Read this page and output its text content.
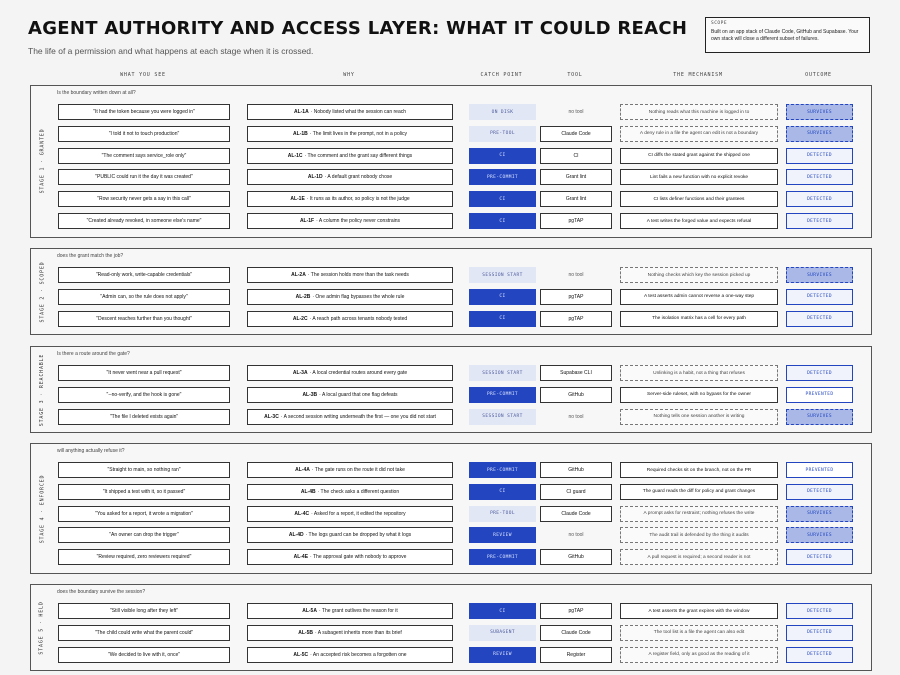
AGENT AUTHORITY AND ACCESS LAYER: WHAT IT COULD REACH
The life of a permission and what happens at each stage when it is crossed.
SCOPE
Built on an app stack of Claude Code, GitHub and Supabase. Your own stack will close a different subset of failures.
WHAT YOU SEE	WHY	CATCH POINT	TOOL	THE MECHANISM	OUTCOME
STAGE 1 · GRANTED
Is the boundary written down at all?
"It had the token because you were logged in"	AL-1A · Nobody listed what the session can reach	ON DISK	no tool	Nothing reads what this machine is logged in to	SURVIVES
"I told it not to touch production"	AL-1B · The limit lives in the prompt, not in a policy	PRE-TOOL	Claude Code	A deny rule in a file the agent can edit is not a boundary	SURVIVES
"The comment says service_role only"	AL-1C · The comment and the grant say different things	CI	CI	CI diffs the stated grant against the shipped one	DETECTED
"PUBLIC could run it the day it was created"	AL-1D · A default grant nobody chose	PRE-COMMIT	Grant lint	Lint fails a new function with no explicit revoke	DETECTED
"Row security never gets a say in this call"	AL-1E · It runs as its author, so policy is not the judge	CI	Grant lint	CI lists definer functions and their grantees	DETECTED
"Created already revoked, in someone else's name"	AL-1F · A column the policy never constrains	CI	pgTAP	A test writes the forged value and expects refusal	DETECTED
STAGE 2 · SCOPED
does the grant match the job?
"Read-only work, write-capable credentials"	AL-2A · The session holds more than the task needs	SESSION START	no tool	Nothing checks which key the session picked up	SURVIVES
"Admin can, so the rule does not apply"	AL-2B · One admin flag bypasses the whole rule	CI	pgTAP	A test asserts admin cannot reverse a one-way step	DETECTED
"Descent reaches further than you thought"	AL-2C · A reach path across tenants nobody tested	CI	pgTAP	The isolation matrix has a cell for every path	DETECTED
STAGE 3 · REACHABLE Is there a route around the gate?
"It never went near a pull request"	AL-3A · A local credential routes around every gate	SESSION START	Supabase CLI	Unlinking is a habit, not a thing that refuses	DETECTED
"--no-verify, and the hook is gone"	AL-3B · A local guard that one flag defeats	PRE-COMMIT	GitHub	Server-side ruleset, with no bypass for the owner	PREVENTED
"The file I deleted exists again"	AL-3C · A second session writing underneath the first — one you did not start	SESSION START	no tool	Nothing tells one session another is writing	SURVIVES
STAGE 4 · ENFORCED
will anything actually refuse it?
"Straight to main, so nothing ran"	AL-4A · The gate runs on the route it did not take	PRE-COMMIT	GitHub	Required checks sit on the branch, not on the PR	PREVENTED
"It shipped a test with it, so it passed"	AL-4B · The check asks a different question	CI	CI guard	The guard reads the diff for policy and grant changes	DETECTED
"You asked for a report, it wrote a migration"	AL-4C · Asked for a report, it edited the repository	PRE-TOOL	Claude Code	A prompt asks for restraint; nothing refuses the write	SURVIVES
"An owner can drop the trigger"	AL-4D · The logs guard can be dropped by what it logs	REVIEW	no tool	The audit trail is defended by the thing it audits	SURVIVES
"Review required, zero reviewers required"	AL-4E · The approval gate with nobody to approve	PRE-COMMIT	GitHub	A pull request is required; a second reader is not	DETECTED
STAGE 5 · HELD
does the boundary survive the session?
"Still visible long after they left"	AL-5A · The grant outlives the reason for it	CI	pgTAP	A test asserts the grant expires with the window	DETECTED
"The child could write what the parent could"	AL-5B · A subagent inherits more than its brief	SUBAGENT	Claude Code	The tool list is a file the agent can also edit	DETECTED
"We decided to live with it, once"	AL-5C · An accepted risk becomes a forgotten one	REVIEW	Register	A register field, only as good as the reading of it	DETECTED
